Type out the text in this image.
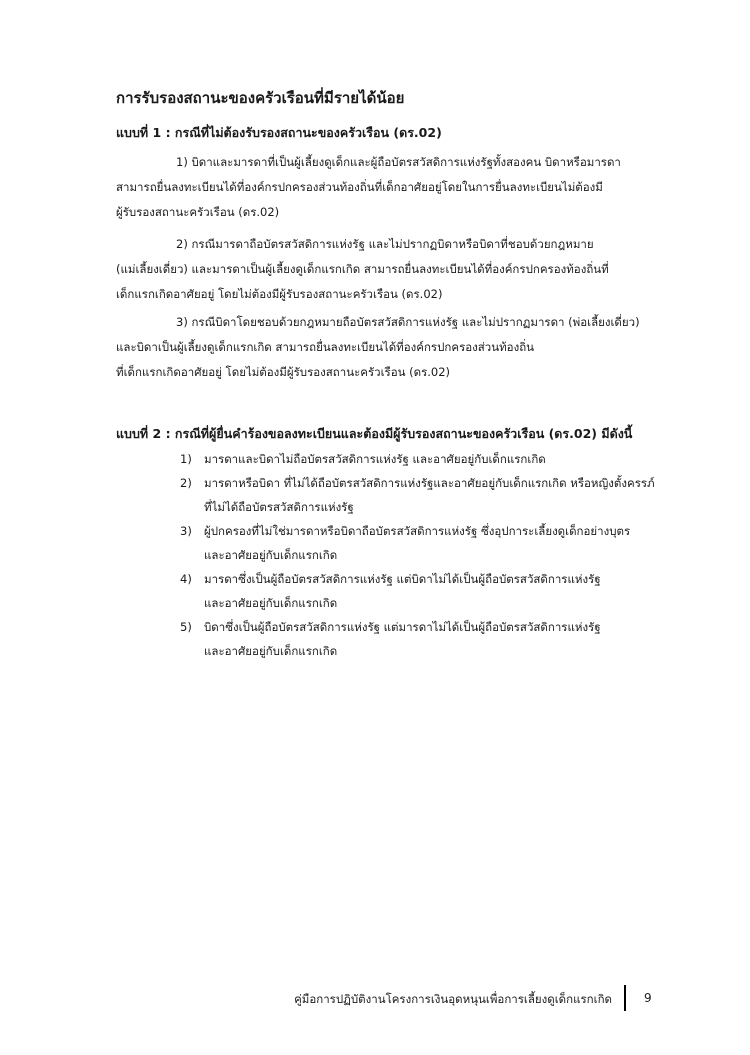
การรับรองสถานะของครัวเรือนที่มีรายได้น้อย
แบบที่ 1 : กรณีที่ไม่ต้องรับรองสถานะของครัวเรือน (ดร.02)
1) บิดาและมารดาที่เป็นผู้เลี้ยงดูเด็กและผู้ถือบัตรสวัสดิการแห่งรัฐทั้งสองคน บิดาหรือมารดา
สามารถยื่นลงทะเบียนได้ที่องค์กรปกครองส่วนท้องถิ่นที่เด็กอาศัยอยู่โดยในการยื่นลงทะเบียนไม่ต้องมี
ผู้รับรองสถานะครัวเรือน (ดร.02)
2) กรณีมารดาถือบัตรสวัสดิการแห่งรัฐ และไม่ปรากฏบิดาหรือบิดาที่ชอบด้วยกฎหมาย
(แม่เลี้ยงเดี่ยว) และมารดาเป็นผู้เลี้ยงดูเด็กแรกเกิด สามารถยื่นลงทะเบียนได้ที่องค์กรปกครองท้องถิ่นที่
เด็กแรกเกิดอาศัยอยู่ โดยไม่ต้องมีผู้รับรองสถานะครัวเรือน (ดร.02)
3) กรณีบิดาโดยชอบด้วยกฎหมายถือบัตรสวัสดิการแห่งรัฐ และไม่ปรากฏมารดา (พ่อเลี้ยงเดี่ยว)
และบิดาเป็นผู้เลี้ยงดูเด็กแรกเกิด สามารถยื่นลงทะเบียนได้ที่องค์กรปกครองส่วนท้องถิ่น
ที่เด็กแรกเกิดอาศัยอยู่ โดยไม่ต้องมีผู้รับรองสถานะครัวเรือน (ดร.02)
แบบที่ 2 : กรณีที่ผู้ยื่นคำร้องขอลงทะเบียนและต้องมีผู้รับรองสถานะของครัวเรือน (ดร.02) มีดังนี้
1)	มารดาและบิดาไม่ถือบัตรสวัสดิการแห่งรัฐ และอาศัยอยู่กับเด็กแรกเกิด
2)	มารดาหรือบิดา ที่ไม่ได้ถือบัตรสวัสดิการแห่งรัฐและอาศัยอยู่กับเด็กแรกเกิด หรือหญิงตั้งครรภ์
ที่ไม่ได้ถือบัตรสวัสดิการแห่งรัฐ
3)	ผู้ปกครองที่ไม่ใช่มารดาหรือบิดาถือบัตรสวัสดิการแห่งรัฐ ซึ่งอุปการะเลี้ยงดูเด็กอย่างบุตร
และอาศัยอยู่กับเด็กแรกเกิด
4)	มารดาซึ่งเป็นผู้ถือบัตรสวัสดิการแห่งรัฐ แต่บิดาไม่ได้เป็นผู้ถือบัตรสวัสดิการแห่งรัฐ
และอาศัยอยู่กับเด็กแรกเกิด
5)	บิดาซึ่งเป็นผู้ถือบัตรสวัสดิการแห่งรัฐ แต่มารดาไม่ได้เป็นผู้ถือบัตรสวัสดิการแห่งรัฐ
และอาศัยอยู่กับเด็กแรกเกิด
คู่มือการปฏิบัติงานโครงการเงินอุดหนุนเพื่อการเลี้ยงดูเด็กแรกเกิด	9
